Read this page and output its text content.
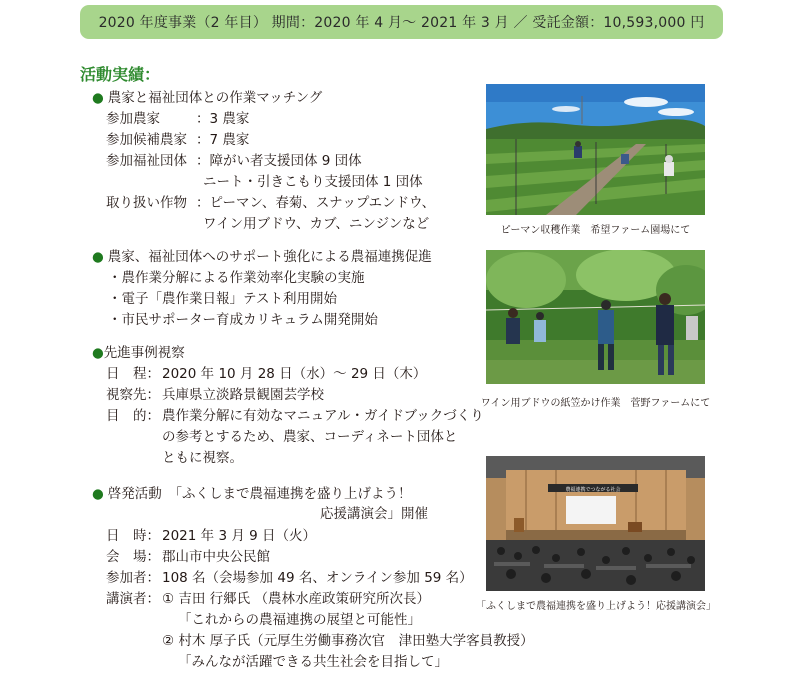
2020 年度事業（2 年目） 期間：2020 年 4 月～ 2021 年 3 月 ／ 受託金額：10,593,000 円
活動実績：
● 農家と福祉団体との作業マッチング
参加農家　　 ：3 農家
参加候補農家 ：7 農家
参加福祉団体 ：障がい者支援団体 9 団体
ニート・引きこもり支援団体 1 団体
取り扱い作物 ：ピーマン、春菊、スナップエンドウ、
ワイン用ブドウ、カブ、ニンジンなど
● 農家、福祉団体へのサポート強化による農福連携促進
・農作業分解による作業効率化実験の実施
・電子「農作業日報」テスト利用開始
・市民サポーター育成カリキュラム開発開始
●先進事例視察
日　程： 2020 年 10 月 28 日（水）～ 29 日（木）
視察先： 兵庫県立淡路景観園芸学校
目　的： 農作業分解に有効なマニュアル・ガイドブックづくり
の参考とするため、農家、コーディネート団体と
ともに視察。
● 啓発活動　「ふくしまで農福連携を盛り上げよう！
応援講演会」開催
日　時： 2021 年 3 月 9 日（火）
会　場： 郡山市中央公民館
参加者： 108 名（会場参加 49 名、オンライン参加 59 名）
講演者： ① 吉田 行郷氏 （農林水産政策研究所次長）
「これからの農福連携の展望と可能性」
② 村木 厚子氏（元厚生労働事務次官　津田塾大学客員教授）
「みんなが活躍できる共生社会を目指して」
ピーマン収穫作業　希望ファーム園場にて
ワイン用ブドウの紙笠かけ作業　菅野ファームにて
農福連携でつながる社会
「ふくしまで農福連携を盛り上げよう！応援講演会」
